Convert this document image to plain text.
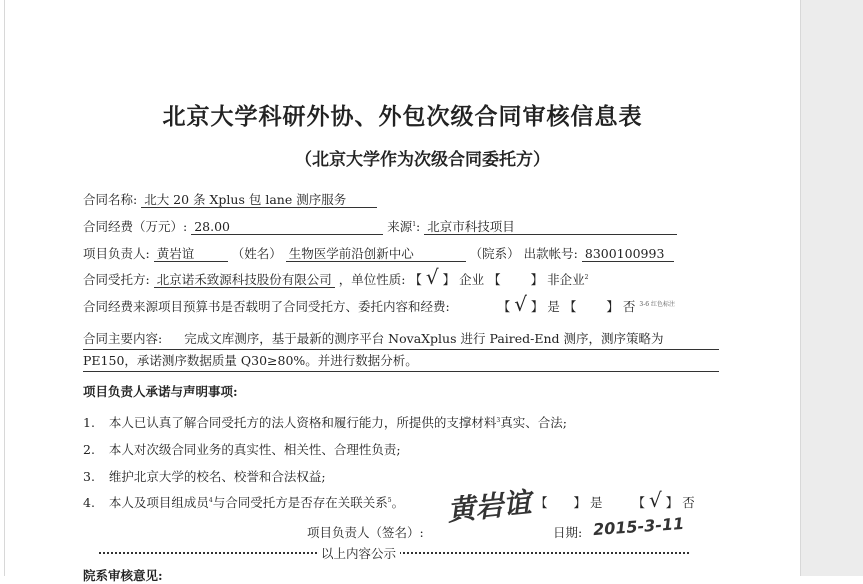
北京大学科研外协、外包次级合同审核信息表
（北京大学作为次级合同委托方）
合同名称: 北大 20 条 Xplus 包 lane 测序服务
合同经费（万元）: 28.00	来源$^1$: 北京市科技项目
项目负责人: 黄岩谊	（姓名） 生物医学前沿创新中心	（院系） 出款帐号: 8300100993
合同受托方: 北京诺禾致源科技股份有限公司 ，单位性质: 【 √ 】 企业 【 】 非企业$^2$
合同经费来源项目预算书是否载明了合同受托方、委托内容和经费:	【 √ 】 是 【 】 否 $^{3-6 红色标注}$
合同主要内容: 完成文库测序，基于最新的测序平台 NovaXplus 进行 Paired-End 测序，测序策略为
PE150，承诺测序数据质量 Q30≥80%。并进行数据分析。
项目负责人承诺与声明事项:
1. 本人已认真了解合同受托方的法人资格和履行能力，所提供的支撑材料$^3$真实、合法;
2. 本人对次级合同业务的真实性、相关性、合理性负责;
3. 维护北京大学的校名、校誉和合法权益;
4. 本人及项目组成员$^4$与合同受托方是否存在关联关系$^5$。	【 】 是 【 √ 】 否
黄岩谊
项目负责人（签名）:	日期: 2015-3-11
以上内容公示
院系审核意见:
